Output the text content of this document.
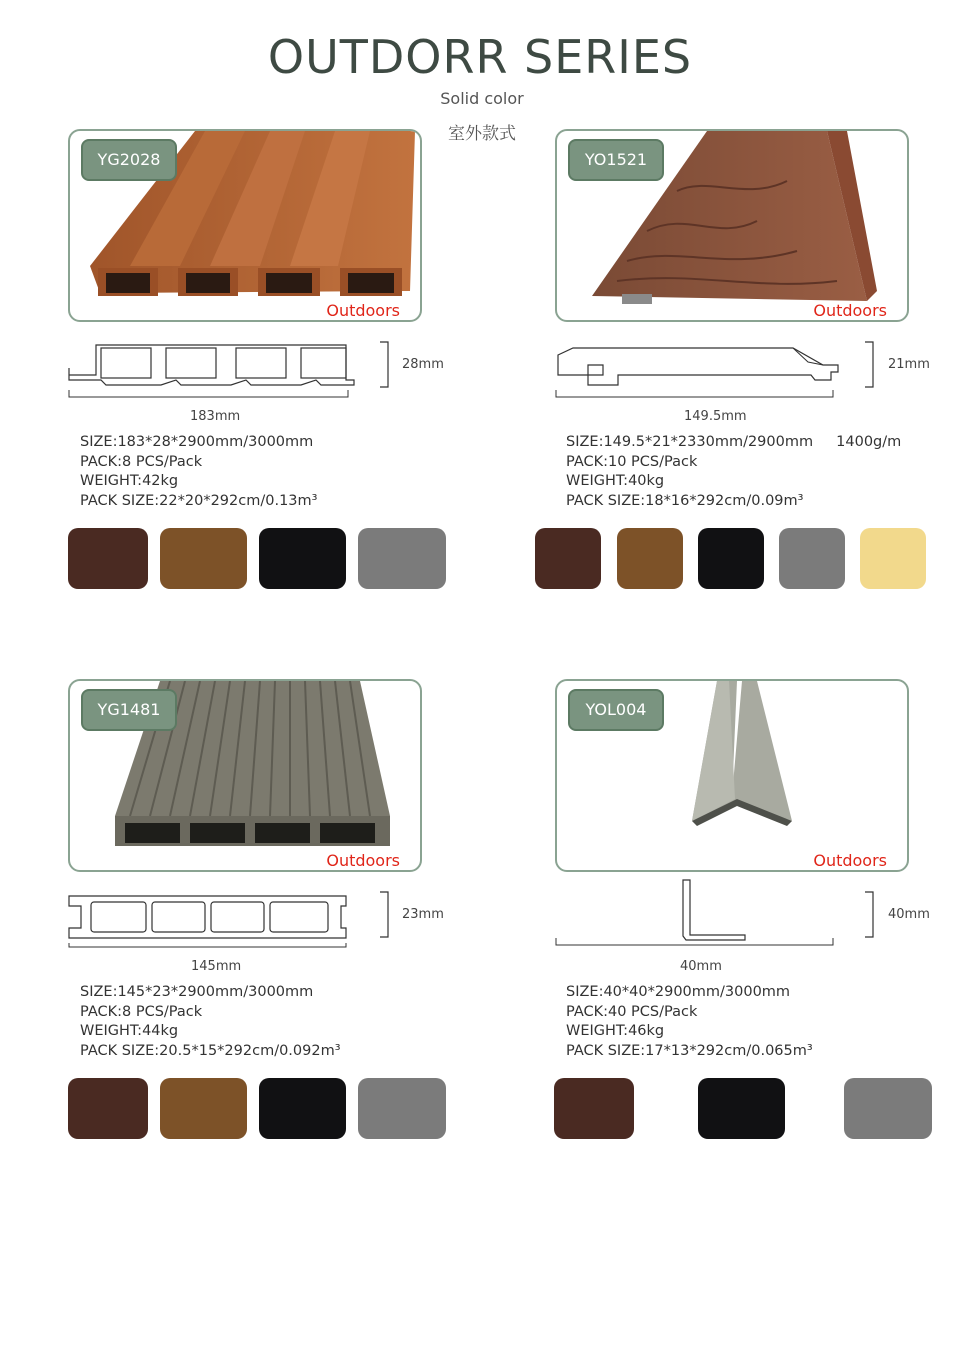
OUTDORR SERIES
Solid color
室外款式
YG2028
Outdoors
28mm
183mm
SIZE:183*28*2900mm/3000mm
PACK:8 PCS/Pack
WEIGHT:42kg
PACK SIZE:22*20*292cm/0.13m³
YO1521
Outdoors
21mm
149.5mm
SIZE:149.5*21*2330mm/2900mm     1400g/m
PACK:10 PCS/Pack
WEIGHT:40kg
PACK SIZE:18*16*292cm/0.09m³
YG1481
Outdoors
23mm
145mm
SIZE:145*23*2900mm/3000mm
PACK:8 PCS/Pack
WEIGHT:44kg
PACK SIZE:20.5*15*292cm/0.092m³
YOL004
Outdoors
40mm
40mm
SIZE:40*40*2900mm/3000mm
PACK:40 PCS/Pack
WEIGHT:46kg
PACK SIZE:17*13*292cm/0.065m³
